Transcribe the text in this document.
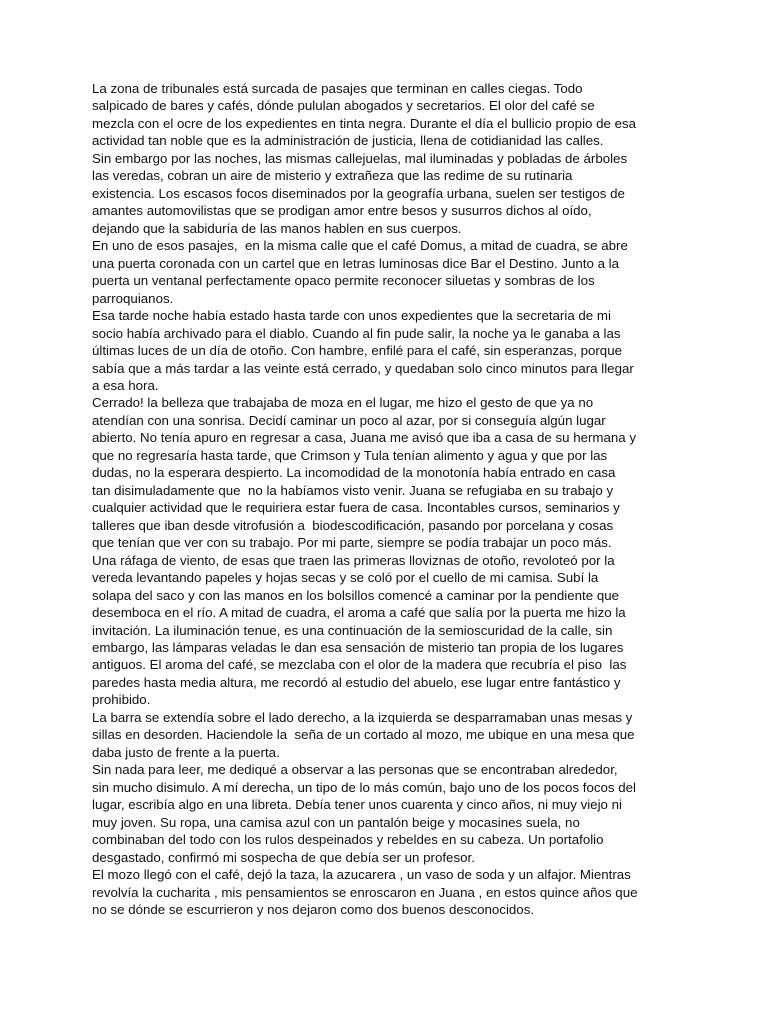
La zona de tribunales está surcada de pasajes que terminan en calles ciegas. Todo
salpicado de bares y cafés, dónde pululan abogados y secretarios. El olor del café se
mezcla con el ocre de los expedientes en tinta negra. Durante el día el bullicio propio de esa
actividad tan noble que es la administración de justicia, llena de cotidianidad las calles.
Sin embargo por las noches, las mismas callejuelas, mal iluminadas y pobladas de árboles
las veredas, cobran un aire de misterio y extrañeza que las redime de su rutinaria
existencia. Los escasos focos diseminados por la geografía urbana, suelen ser testigos de
amantes automovilistas que se prodigan amor entre besos y susurros dichos al oído,
dejando que la sabiduría de las manos hablen en sus cuerpos.
En uno de esos pasajes,  en la misma calle que el café Domus, a mitad de cuadra, se abre
una puerta coronada con un cartel que en letras luminosas dice Bar el Destino. Junto a la
puerta un ventanal perfectamente opaco permite reconocer siluetas y sombras de los
parroquianos.
Esa tarde noche había estado hasta tarde con unos expedientes que la secretaria de mi
socio había archivado para el diablo. Cuando al fin pude salir, la noche ya le ganaba a las
últimas luces de un día de otoño. Con hambre, enfilé para el café, sin esperanzas, porque
sabía que a más tardar a las veinte está cerrado, y quedaban solo cinco minutos para llegar
a esa hora.
Cerrado! la belleza que trabajaba de moza en el lugar, me hizo el gesto de que ya no
atendían con una sonrisa. Decidí caminar un poco al azar, por si conseguía algún lugar
abierto. No tenía apuro en regresar a casa, Juana me avisó que iba a casa de su hermana y
que no regresaría hasta tarde, que Crimson y Tula tenían alimento y agua y que por las
dudas, no la esperara despierto. La incomodidad de la monotonía había entrado en casa
tan disimuladamente que  no la habíamos visto venir. Juana se refugiaba en su trabajo y
cualquier actividad que le requiriera estar fuera de casa. Incontables cursos, seminarios y
talleres que iban desde vitrofusión a  biodescodificación, pasando por porcelana y cosas
que tenían que ver con su trabajo. Por mi parte, siempre se podía trabajar un poco más.
Una ráfaga de viento, de esas que traen las primeras lloviznas de otoño, revoloteó por la
vereda levantando papeles y hojas secas y se coló por el cuello de mi camisa. Subí la
solapa del saco y con las manos en los bolsillos comencé a caminar por la pendiente que
desemboca en el río. A mitad de cuadra, el aroma a café que salía por la puerta me hizo la
invitación. La iluminación tenue, es una continuación de la semioscuridad de la calle, sin
embargo, las lámparas veladas le dan esa sensación de misterio tan propia de los lugares
antiguos. El aroma del café, se mezclaba con el olor de la madera que recubría el piso  las
paredes hasta media altura, me recordó al estudio del abuelo, ese lugar entre fantástico y
prohibido.
La barra se extendía sobre el lado derecho, a la izquierda se desparramaban unas mesas y
sillas en desorden. Haciendole la  seña de un cortado al mozo, me ubique en una mesa que
daba justo de frente a la puerta.
Sin nada para leer, me dediqué a observar a las personas que se encontraban alrededor,
sin mucho disimulo. A mí derecha, un tipo de lo más común, bajo uno de los pocos focos del
lugar, escribía algo en una libreta. Debía tener unos cuarenta y cinco años, ni muy viejo ni
muy joven. Su ropa, una camisa azul con un pantalón beige y mocasines suela, no
combinaban del todo con los rulos despeinados y rebeldes en su cabeza. Un portafolio
desgastado, confirmó mi sospecha de que debía ser un profesor.
El mozo llegó con el café, dejó la taza, la azucarera , un vaso de soda y un alfajor. Mientras
revolvía la cucharita , mis pensamientos se enroscaron en Juana , en estos quince años que
no se dónde se escurrieron y nos dejaron como dos buenos desconocidos.
